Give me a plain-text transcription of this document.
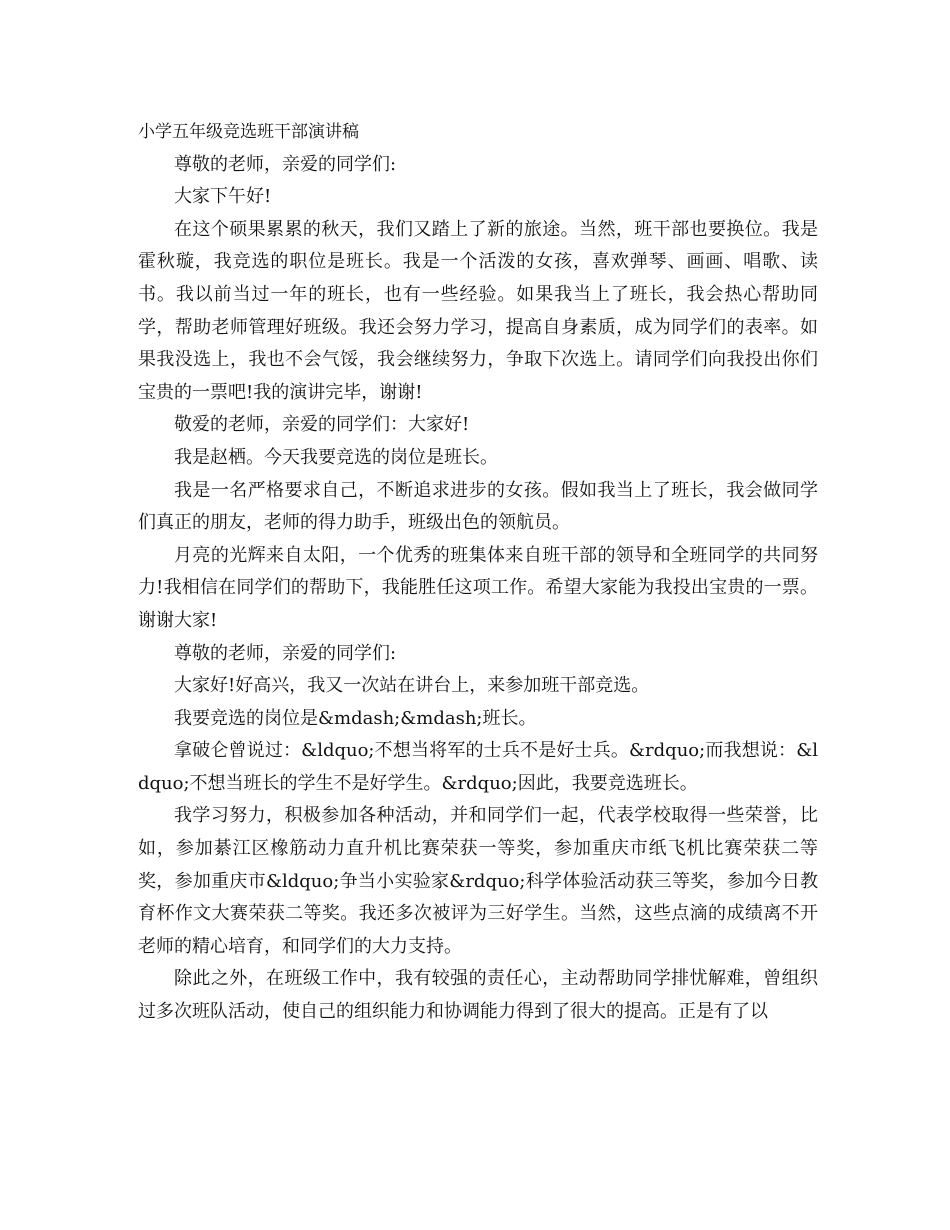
小学五年级竞选班干部演讲稿

尊敬的老师，亲爱的同学们:

大家下午好!

在这个硕果累累的秋天，我们又踏上了新的旅途。当然，班干部也要换位。我是霍秋璇，我竞选的职位是班长。我是一个活泼的女孩，喜欢弹琴、画画、唱歌、读书。我以前当过一年的班长，也有一些经验。如果我当上了班长，我会热心帮助同学，帮助老师管理好班级。我还会努力学习，提高自身素质，成为同学们的表率。如果我没选上，我也不会气馁，我会继续努力，争取下次选上。请同学们向我投出你们宝贵的一票吧!我的演讲完毕，谢谢!

敬爱的老师，亲爱的同学们：大家好!

我是赵栖。今天我要竞选的岗位是班长。

我是一名严格要求自己，不断追求进步的女孩。假如我当上了班长，我会做同学们真正的朋友，老师的得力助手，班级出色的领航员。

月亮的光辉来自太阳，一个优秀的班集体来自班干部的领导和全班同学的共同努力!我相信在同学们的帮助下，我能胜任这项工作。希望大家能为我投出宝贵的一票。谢谢大家!

尊敬的老师，亲爱的同学们:

大家好!好高兴，我又一次站在讲台上，来参加班干部竞选。

我要竞选的岗位是&mdash;&mdash;班长。

拿破仑曾说过：&ldquo;不想当将军的士兵不是好士兵。&rdquo;而我想说：&ldquo;不想当班长的学生不是好学生。&rdquo;因此，我要竞选班长。

我学习努力，积极参加各种活动，并和同学们一起，代表学校取得一些荣誉，比如，参加綦江区橡筋动力直升机比赛荣获一等奖，参加重庆市纸飞机比赛荣获二等奖，参加重庆市&ldquo;争当小实验家&rdquo;科学体验活动获三等奖，参加今日教育杯作文大赛荣获二等奖。我还多次被评为三好学生。当然，这些点滴的成绩离不开老师的精心培育，和同学们的大力支持。

除此之外，在班级工作中，我有较强的责任心，主动帮助同学排忧解难，曾组织过多次班队活动，使自己的组织能力和协调能力得到了很大的提高。正是有了以
